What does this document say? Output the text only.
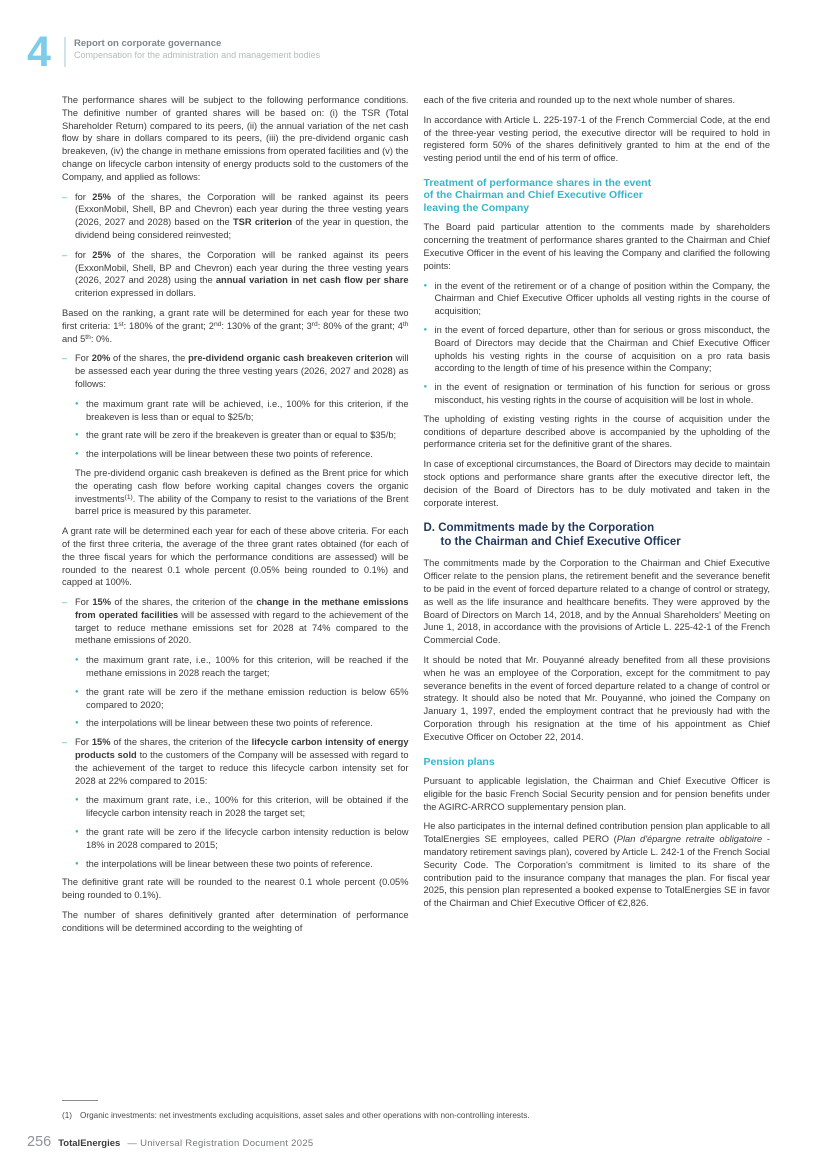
4	Report on corporate governance
Compensation for the administration and management bodies
The performance shares will be subject to the following performance conditions. The definitive number of granted shares will be based on: (i) the TSR (Total Shareholder Return) compared to its peers, (ii) the annual variation of the net cash flow by share in dollars compared to its peers, (iii) the pre-dividend organic cash breakeven, (iv) the change in methane emissions from operated facilities and (v) the change on lifecycle carbon intensity of energy products sold to the customers of the Company, and applied as follows:
– for 25% of the shares, the Corporation will be ranked against its peers (ExxonMobil, Shell, BP and Chevron) each year during the three vesting years (2026, 2027 and 2028) based on the TSR criterion of the year in question, the dividend being considered reinvested;
– for 25% of the shares, the Corporation will be ranked against its peers (ExxonMobil, Shell, BP and Chevron) each year during the three vesting years (2026, 2027 and 2028) using the annual variation in net cash flow per share criterion expressed in dollars.
Based on the ranking, a grant rate will be determined for each year for these two first criteria: 1st: 180% of the grant; 2nd: 130% of the grant; 3rd: 80% of the grant; 4th and 5th: 0%.
– For 20% of the shares, the pre-dividend organic cash breakeven criterion will be assessed each year during the three vesting years (2026, 2027 and 2028) as follows:
● the maximum grant rate will be achieved, i.e., 100% for this criterion, if the breakeven is less than or equal to $25/b;
● the grant rate will be zero if the breakeven is greater than or equal to $35/b;
● the interpolations will be linear between these two points of reference.
The pre-dividend organic cash breakeven is defined as the Brent price for which the operating cash flow before working capital changes covers the organic investments$^{(1)}$. The ability of the Company to resist to the variations of the Brent barrel price is measured by this parameter.
A grant rate will be determined each year for each of these above criteria. For each of the first three criteria, the average of the three grant rates obtained (for each of the three fiscal years for which the performance conditions are assessed) will be rounded to the nearest 0.1 whole percent (0.05% being rounded to 0.1%) and capped at 100%.
– For 15% of the shares, the criterion of the change in the methane emissions from operated facilities will be assessed with regard to the achievement of the target to reduce methane emissions set for 2028 at 74% compared to the methane emissions of 2020.
● the maximum grant rate, i.e., 100% for this criterion, will be reached if the methane emissions in 2028 reach the target;
● the grant rate will be zero if the methane emission reduction is below 65% compared to 2020;
● the interpolations will be linear between these two points of reference.
– For 15% of the shares, the criterion of the lifecycle carbon intensity of energy products sold to the customers of the Company will be assessed with regard to the achievement of the target to reduce this lifecycle carbon intensity set for 2028 at 22% compared to 2015:
● the maximum grant rate, i.e., 100% for this criterion, will be obtained if the lifecycle carbon intensity reach in 2028 the target set;
● the grant rate will be zero if the lifecycle carbon intensity reduction is below 18% in 2028 compared to 2015;
● the interpolations will be linear between these two points of reference.
The definitive grant rate will be rounded to the nearest 0.1 whole percent (0.05% being rounded to 0.1%).
The number of shares definitively granted after determination of performance conditions will be determined according to the weighting of
each of the five criteria and rounded up to the next whole number of shares.
In accordance with Article L. 225-197-1 of the French Commercial Code, at the end of the three-year vesting period, the executive director will be required to hold in registered form 50% of the shares definitively granted to him at the end of the vesting period until the end of his term of office.
Treatment of performance shares in the event
of the Chairman and Chief Executive Officer
leaving the Company
The Board paid particular attention to the comments made by shareholders concerning the treatment of performance shares granted to the Chairman and Chief Executive Officer in the event of his leaving the Company and clarified the following points:
● in the event of the retirement or of a change of position within the Company, the Chairman and Chief Executive Officer upholds all vesting rights in the course of acquisition;
● in the event of forced departure, other than for serious or gross misconduct, the Board of Directors may decide that the Chairman and Chief Executive Officer upholds his vesting rights in the course of acquisition on a pro rata basis according to the length of time of his presence within the Company;
● in the event of resignation or termination of his function for serious or gross misconduct, his vesting rights in the course of acquisition will be lost in whole.
The upholding of existing vesting rights in the course of acquisition under the conditions of departure described above is accompanied by the upholding of the performance criteria set for the definitive grant of the shares.
In case of exceptional circumstances, the Board of Directors may decide to maintain stock options and performance share grants after the executive director left, the decision of the Board of Directors has to be duly motivated and taken in the corporate interest.
D. Commitments made by the Corporation
to the Chairman and Chief Executive Officer
The commitments made by the Corporation to the Chairman and Chief Executive Officer relate to the pension plans, the retirement benefit and the severance benefit to be paid in the event of forced departure related to a change of control or strategy, as well as the life insurance and healthcare benefits. They were approved by the Board of Directors on March 14, 2018, and by the Annual Shareholders' Meeting on June 1, 2018, in accordance with the provisions of Article L. 225-42-1 of the French Commercial Code.
It should be noted that Mr. Pouyanné already benefited from all these provisions when he was an employee of the Corporation, except for the commitment to pay severance benefits in the event of forced departure related to a change of control or strategy. It should also be noted that Mr. Pouyanné, who joined the Company on January 1, 1997, ended the employment contract that he previously had with the Corporation through his resignation at the time of his appointment as Chief Executive Officer on October 22, 2014.
Pension plans
Pursuant to applicable legislation, the Chairman and Chief Executive Officer is eligible for the basic French Social Security pension and for pension benefits under the AGIRC-ARRCO supplementary pension plan.
He also participates in the internal defined contribution pension plan applicable to all TotalEnergies SE employees, called PERO (Plan d'épargne retraite obligatoire - mandatory retirement savings plan), covered by Article L. 242-1 of the French Social Security Code. The Corporation's commitment is limited to its share of the contribution paid to the insurance company that manages the plan. For fiscal year 2025, this pension plan represented a booked expense to TotalEnergies SE in favor of the Chairman and Chief Executive Officer of €2,826.
(1) Organic investments: net investments excluding acquisitions, asset sales and other operations with non-controlling interests.
256 TotalEnergies — Universal Registration Document 2025
